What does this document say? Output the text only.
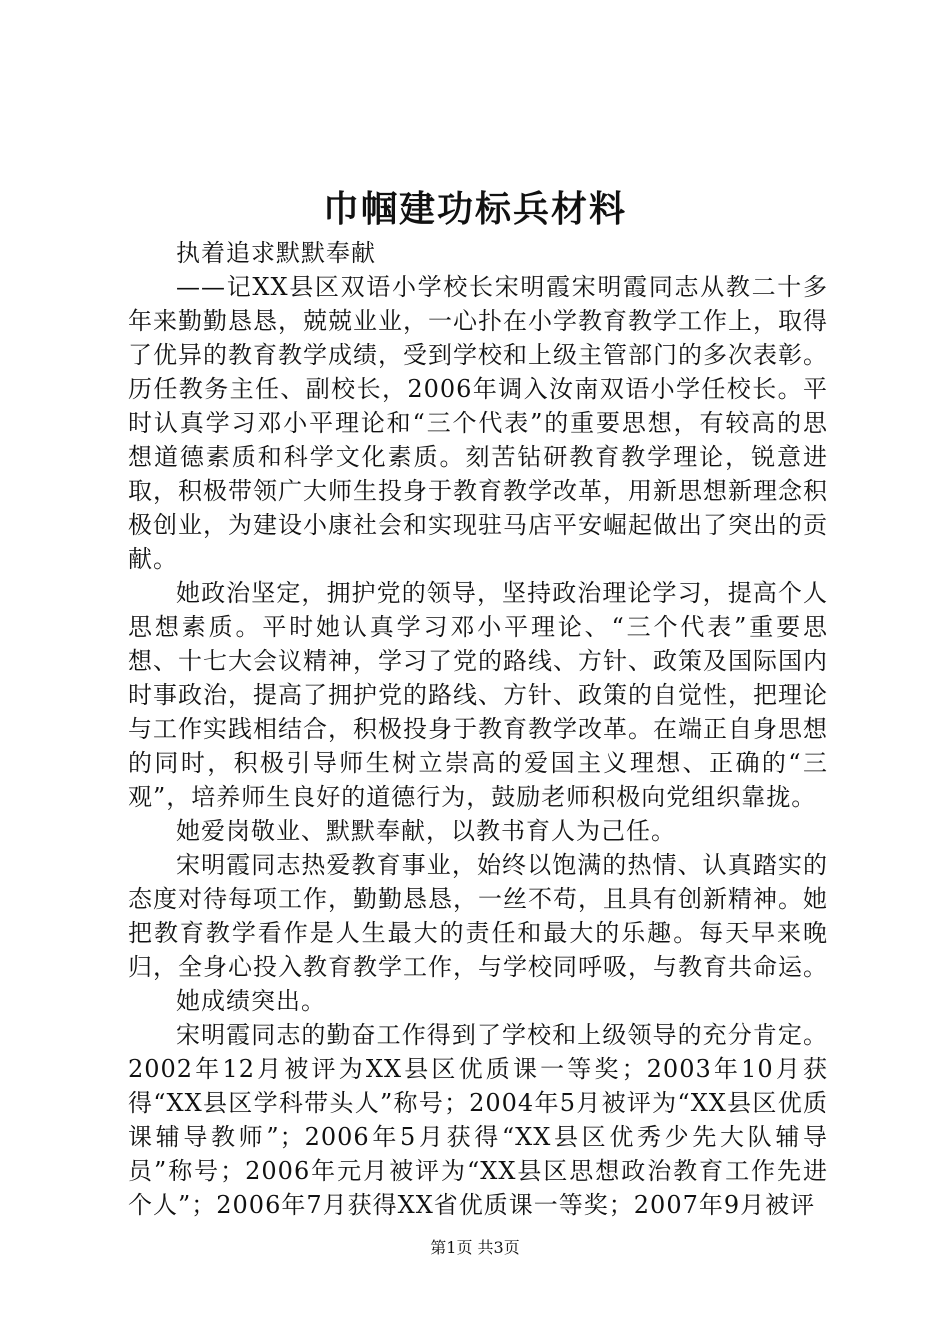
巾帼建功标兵材料

执着追求默默奉献

——记XX县区双语小学校长宋明霞宋明霞同志从教二十多年来勤勤恳恳，兢兢业业，一心扑在小学教育教学工作上，取得了优异的教育教学成绩，受到学校和上级主管部门的多次表彰。历任教务主任、副校长，2006年调入汝南双语小学任校长。平时认真学习邓小平理论和“三个代表”的重要思想，有较高的思想道德素质和科学文化素质。刻苦钻研教育教学理论，锐意进取，积极带领广大师生投身于教育教学改革，用新思想新理念积极创业，为建设小康社会和实现驻马店平安崛起做出了突出的贡献。

她政治坚定，拥护党的领导，坚持政治理论学习，提高个人思想素质。平时她认真学习邓小平理论、“三个代表”重要思想、十七大会议精神，学习了党的路线、方针、政策及国际国内时事政治，提高了拥护党的路线、方针、政策的自觉性，把理论与工作实践相结合，积极投身于教育教学改革。在端正自身思想的同时，积极引导师生树立崇高的爱国主义理想、正确的“三观”，培养师生良好的道德行为，鼓励老师积极向党组织靠拢。

她爱岗敬业、默默奉献，以教书育人为己任。

宋明霞同志热爱教育事业，始终以饱满的热情、认真踏实的态度对待每项工作，勤勤恳恳，一丝不苟，且具有创新精神。她把教育教学看作是人生最大的责任和最大的乐趣。每天早来晚归，全身心投入教育教学工作，与学校同呼吸，与教育共命运。

她成绩突出。

宋明霞同志的勤奋工作得到了学校和上级领导的充分肯定。2002年12月被评为XX县区优质课一等奖；2003年10月获得“XX县区学科带头人”称号；2004年5月被评为“XX县区优质课辅导教师”；2006年5月获得“XX县区优秀少先大队辅导员”称号；2006年元月被评为“XX县区思想政治教育工作先进个人”；2006年7月获得XX省优质课一等奖；2007年9月被评

第1页 共3页
